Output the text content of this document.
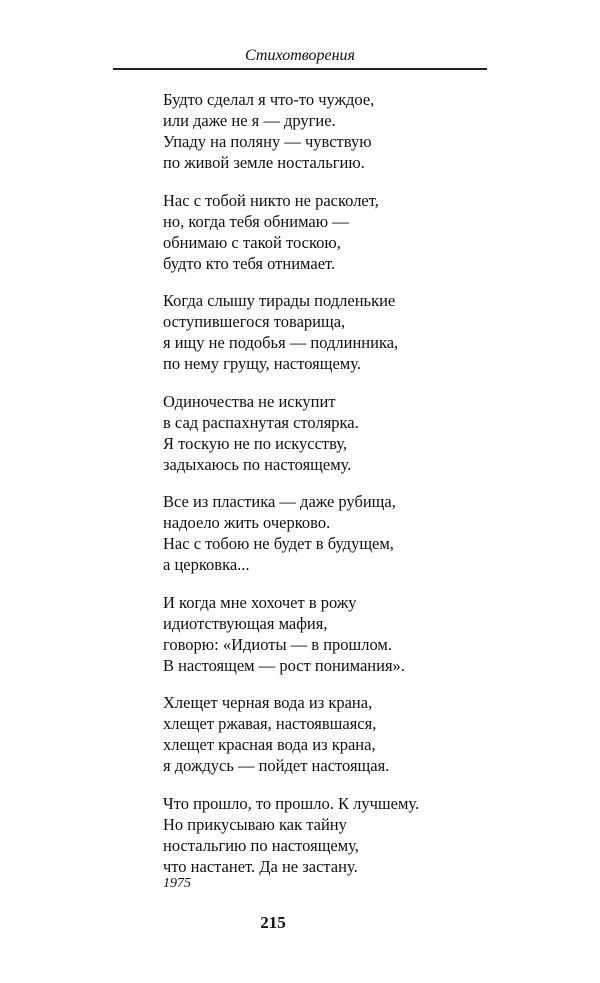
Стихотворения
Будто сделал я что-то чуждое,
или даже не я — другие.
Упаду на поляну — чувствую
по живой земле ностальгию.
Нас с тобой никто не расколет,
но, когда тебя обнимаю —
обнимаю с такой тоскою,
будто кто тебя отнимает.
Когда слышу тирады подленькие
оступившегося товарища,
я ищу не подобья — подлинника,
по нему грущу, настоящему.
Одиночества не искупит
в сад распахнутая столярка.
Я тоскую не по искусству,
задыхаюсь по настоящему.
Все из пластика — даже рубища,
надоело жить очерково.
Нас с тобою не будет в будущем,
а церковка...
И когда мне хохочет в рожу
идиотствующая мафия,
говорю: «Идиоты — в прошлом.
В настоящем — рост понимания».
Хлещет черная вода из крана,
хлещет ржавая, настоявшаяся,
хлещет красная вода из крана,
я дождусь — пойдет настоящая.
Что прошло, то прошло. К лучшему.
Но прикусываю как тайну
ностальгию по настоящему,
что настанет. Да не застану.
1975
215
